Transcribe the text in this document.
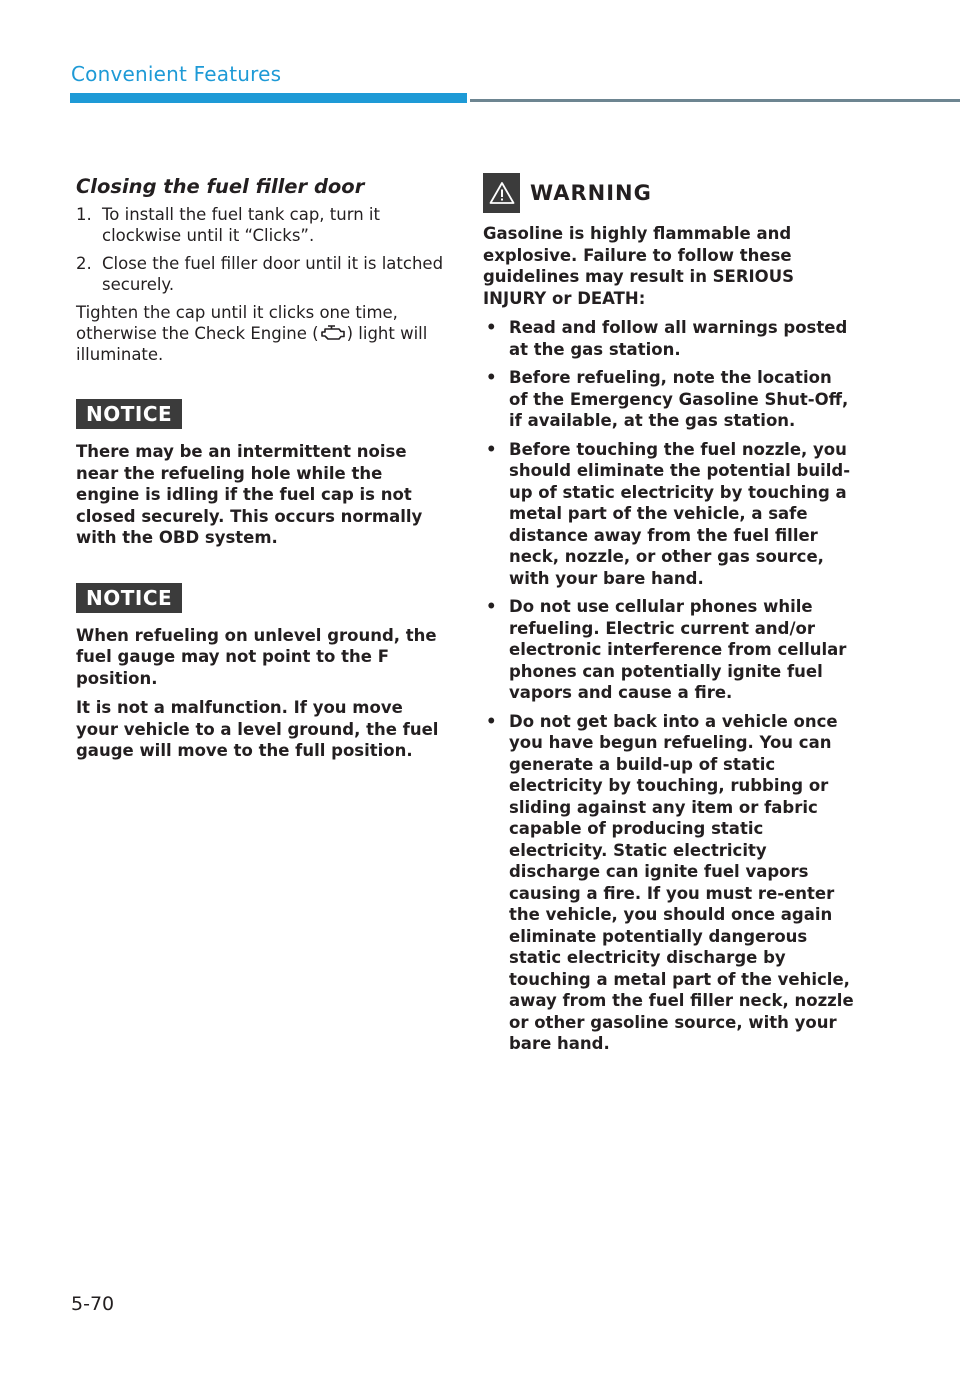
Convenient Features
Closing the fuel filler door
1. To install the fuel tank cap, turn it clockwise until it “Clicks”.
2. Close the fuel filler door until it is latched securely.

Tighten the cap until it clicks one time, otherwise the Check Engine ( ) light will illuminate.

NOTICE

There may be an intermittent noise near the refueling hole while the engine is idling if the fuel cap is not closed securely. This occurs normally with the OBD system.

NOTICE

When refueling on unlevel ground, the fuel gauge may not point to the F position.

It is not a malfunction. If you move your vehicle to a level ground, the fuel gauge will move to the full position.

WARNING

Gasoline is highly flammable and explosive. Failure to follow these guidelines may result in SERIOUS INJURY or DEATH:

• Read and follow all warnings posted at the gas station.
• Before refueling, note the location of the Emergency Gasoline Shut-Off, if available, at the gas station.
• Before touching the fuel nozzle, you should eliminate the potential build-up of static electricity by touching a metal part of the vehicle, a safe distance away from the fuel filler neck, nozzle, or other gas source, with your bare hand.
• Do not use cellular phones while refueling. Electric current and/or electronic interference from cellular phones can potentially ignite fuel vapors and cause a fire.
• Do not get back into a vehicle once you have begun refueling. You can generate a build-up of static electricity by touching, rubbing or sliding against any item or fabric capable of producing static electricity. Static electricity discharge can ignite fuel vapors causing a fire. If you must re-enter the vehicle, you should once again eliminate potentially dangerous static electricity discharge by touching a metal part of the vehicle, away from the fuel filler neck, nozzle or other gasoline source, with your bare hand.
5-70
